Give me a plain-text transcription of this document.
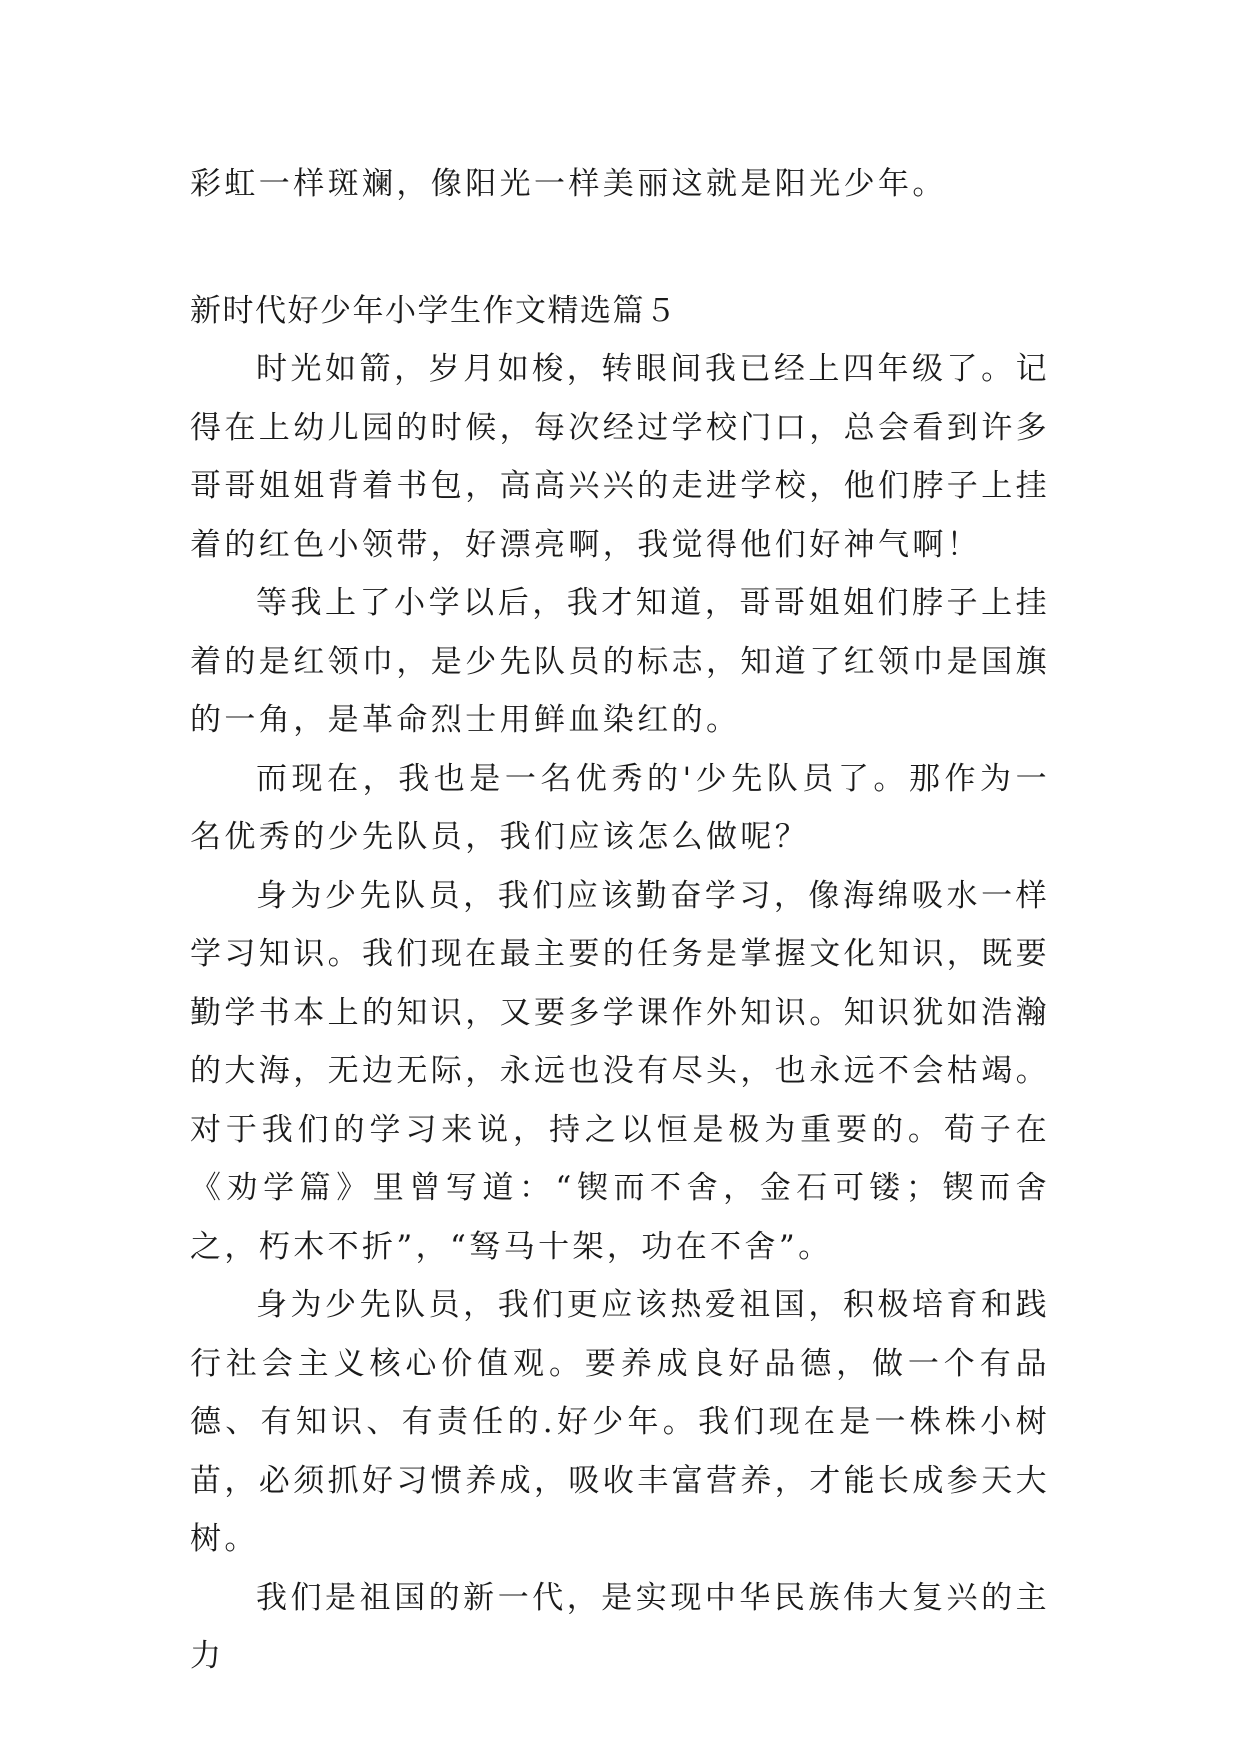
彩虹一样斑斓，像阳光一样美丽这就是阳光少年。

新时代好少年小学生作文精选篇５

时光如箭，岁月如梭，转眼间我已经上四年级了。记得在上幼儿园的时候，每次经过学校门口，总会看到许多哥哥姐姐背着书包，高高兴兴的走进学校，他们脖子上挂着的红色小领带，好漂亮啊，我觉得他们好神气啊！

等我上了小学以后，我才知道，哥哥姐姐们脖子上挂着的是红领巾，是少先队员的标志，知道了红领巾是国旗的一角，是革命烈士用鲜血染红的。

而现在，我也是一名优秀的'少先队员了。那作为一名优秀的少先队员，我们应该怎么做呢？

身为少先队员，我们应该勤奋学习，像海绵吸水一样学习知识。我们现在最主要的任务是掌握文化知识，既要勤学书本上的知识，又要多学课作外知识。知识犹如浩瀚的大海，无边无际，永远也没有尽头，也永远不会枯竭。对于我们的学习来说，持之以恒是极为重要的。荀子在《劝学篇》里曾写道：“锲而不舍，金石可镂；锲而舍之，朽木不折”，“驽马十架，功在不舍”。

身为少先队员，我们更应该热爱祖国，积极培育和践行社会主义核心价值观。要养成良好品德，做一个有品德、有知识、有责任的.好少年。我们现在是一株株小树苗，必须抓好习惯养成，吸收丰富营养，才能长成参天大树。

我们是祖国的新一代，是实现中华民族伟大复兴的主力
